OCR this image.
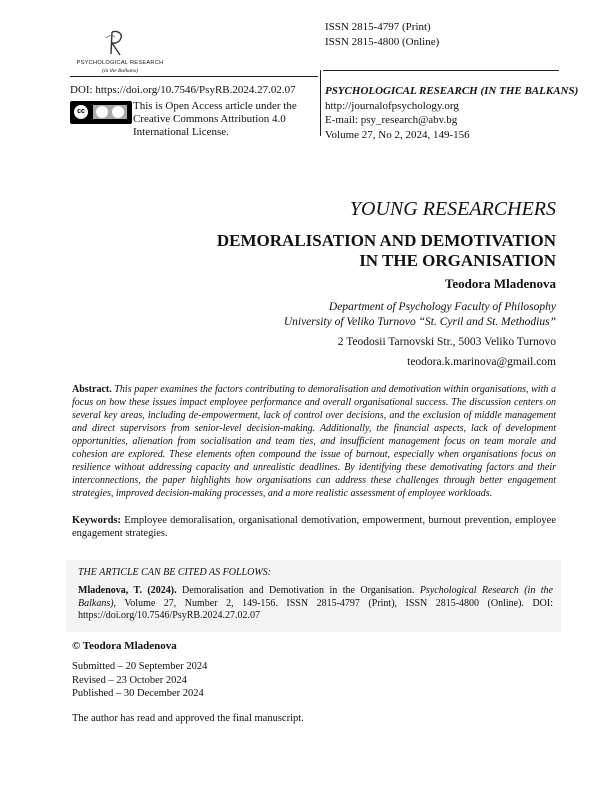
PSYCHOLOGICAL RESEARCH
(in the Balkans)
ISSN 2815-4797 (Print)
ISSN 2815-4800 (Online)
DOI: https://doi.org/10.7546/PsyRB.2024.27.02.07
cc	This is Open Access article under the Creative Commons Attribution 4.0 International License.
PSYCHOLOGICAL RESEARCH (IN THE BALKANS)
http://journalofpsychology.org
E-mail: psy_research@abv.bg
Volume 27, No 2, 2024, 149-156
YOUNG RESEARCHERS
DEMORALISATION AND DEMOTIVATION
IN THE ORGANISATION
Teodora Mladenova
Department of Psychology Faculty of Philosophy
University of Veliko Turnovo “St. Cyril and St. Methodius”
2 Teodosii Tarnovski Str., 5003 Veliko Turnovo
teodora.k.marinova@gmail.com
Abstract. This paper examines the factors contributing to demoralisation and demotivation within organisations, with a focus on how these issues impact employee performance and overall organisational success. The discussion centers on several key areas, including de-empowerment, lack of control over decisions, and the exclusion of middle management and direct supervisors from senior-level decision-making. Additionally, the financial aspects, lack of development opportunities, alienation from socialisation and team ties, and insufficient management focus on team morale and cohesion are explored. These elements often compound the issue of burnout, especially when organisations focus on resilience without addressing capacity and unrealistic deadlines. By identifying these demotivating factors and their interconnections, the paper highlights how organisations can address these challenges through better engagement strategies, improved decision-making processes, and a more realistic assessment of employee workloads.
Keywords: Employee demoralisation, organisational demotivation, empowerment, burnout prevention, employee engagement strategies.
THE ARTICLE CAN BE CITED AS FOLLOWS:
Mladenova, T. (2024). Demoralisation and Demotivation in the Organisation. Psychological Research (in the Balkans), Volume 27, Number 2, 149-156. ISSN 2815-4797 (Print), ISSN 2815-4800 (Online). DOI: https://doi.org/10.7546/PsyRB.2024.27.02.07
© Teodora Mladenova
Submitted – 20 September 2024
Revised – 23 October 2024
Published – 30 December 2024
The author has read and approved the final manuscript.
